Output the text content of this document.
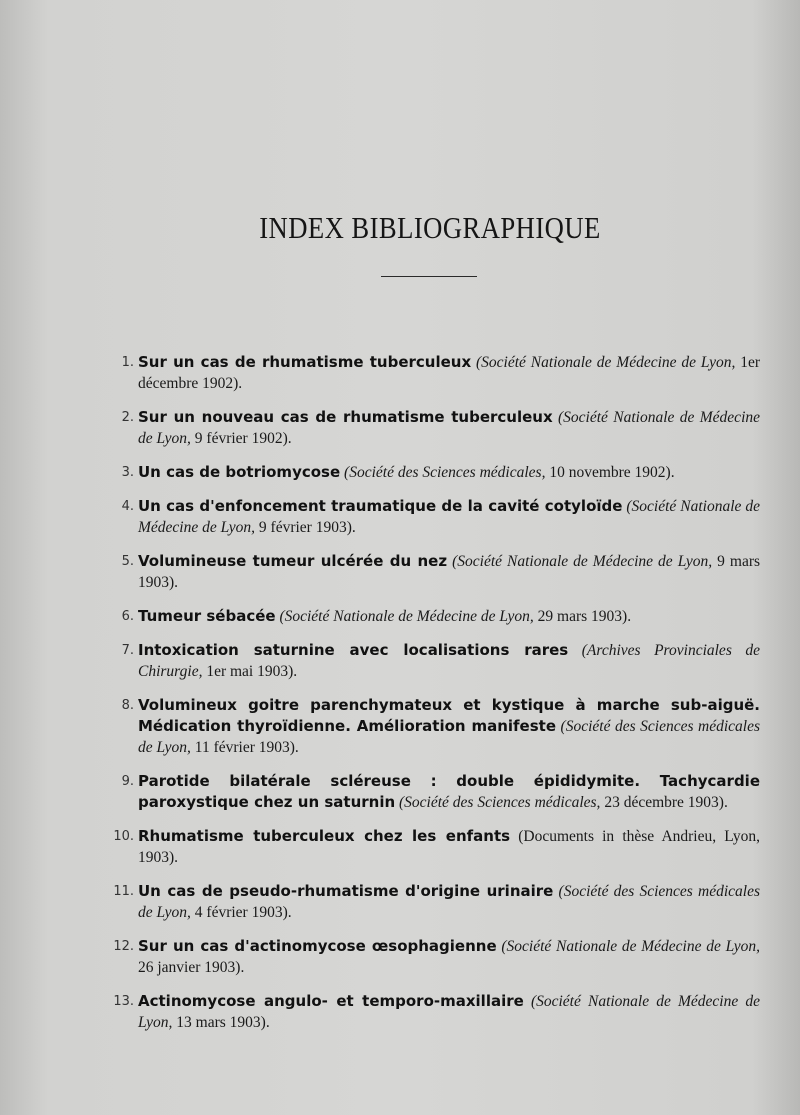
INDEX BIBLIOGRAPHIQUE
1. Sur un cas de rhumatisme tuberculeux (Société Nationale de Médecine de Lyon, 1er décembre 1902).
2. Sur un nouveau cas de rhumatisme tuberculeux (Société Nationale de Médecine de Lyon, 9 février 1902).
3. Un cas de botriomycose (Société des Sciences médicales, 10 novembre 1902).
4. Un cas d'enfoncement traumatique de la cavité cotyloïde (Société Nationale de Médecine de Lyon, 9 février 1903).
5. Volumineuse tumeur ulcérée du nez (Société Nationale de Médecine de Lyon, 9 mars 1903).
6. Tumeur sébacée (Société Nationale de Médecine de Lyon, 29 mars 1903).
7. Intoxication saturnine avec localisations rares (Archives Provinciales de Chirurgie, 1er mai 1903).
8. Volumineux goitre parenchymateux et kystique à marche sub-aiguë. Médication thyroïdienne. Amélioration manifeste (Société des Sciences médicales de Lyon, 11 février 1903).
9. Parotide bilatérale scléreuse : double épididymite. Tachycardie paroxystique chez un saturnin (Société des Sciences médicales, 23 décembre 1903).
10. Rhumatisme tuberculeux chez les enfants (Documents in thèse Andrieu, Lyon, 1903).
11. Un cas de pseudo-rhumatisme d'origine urinaire (Société des Sciences médicales de Lyon, 4 février 1903).
12. Sur un cas d'actinomycose œsophagienne (Société Nationale de Médecine de Lyon, 26 janvier 1903).
13. Actinomycose angulo- et temporo-maxillaire (Société Nationale de Médecine de Lyon, 13 mars 1903).
